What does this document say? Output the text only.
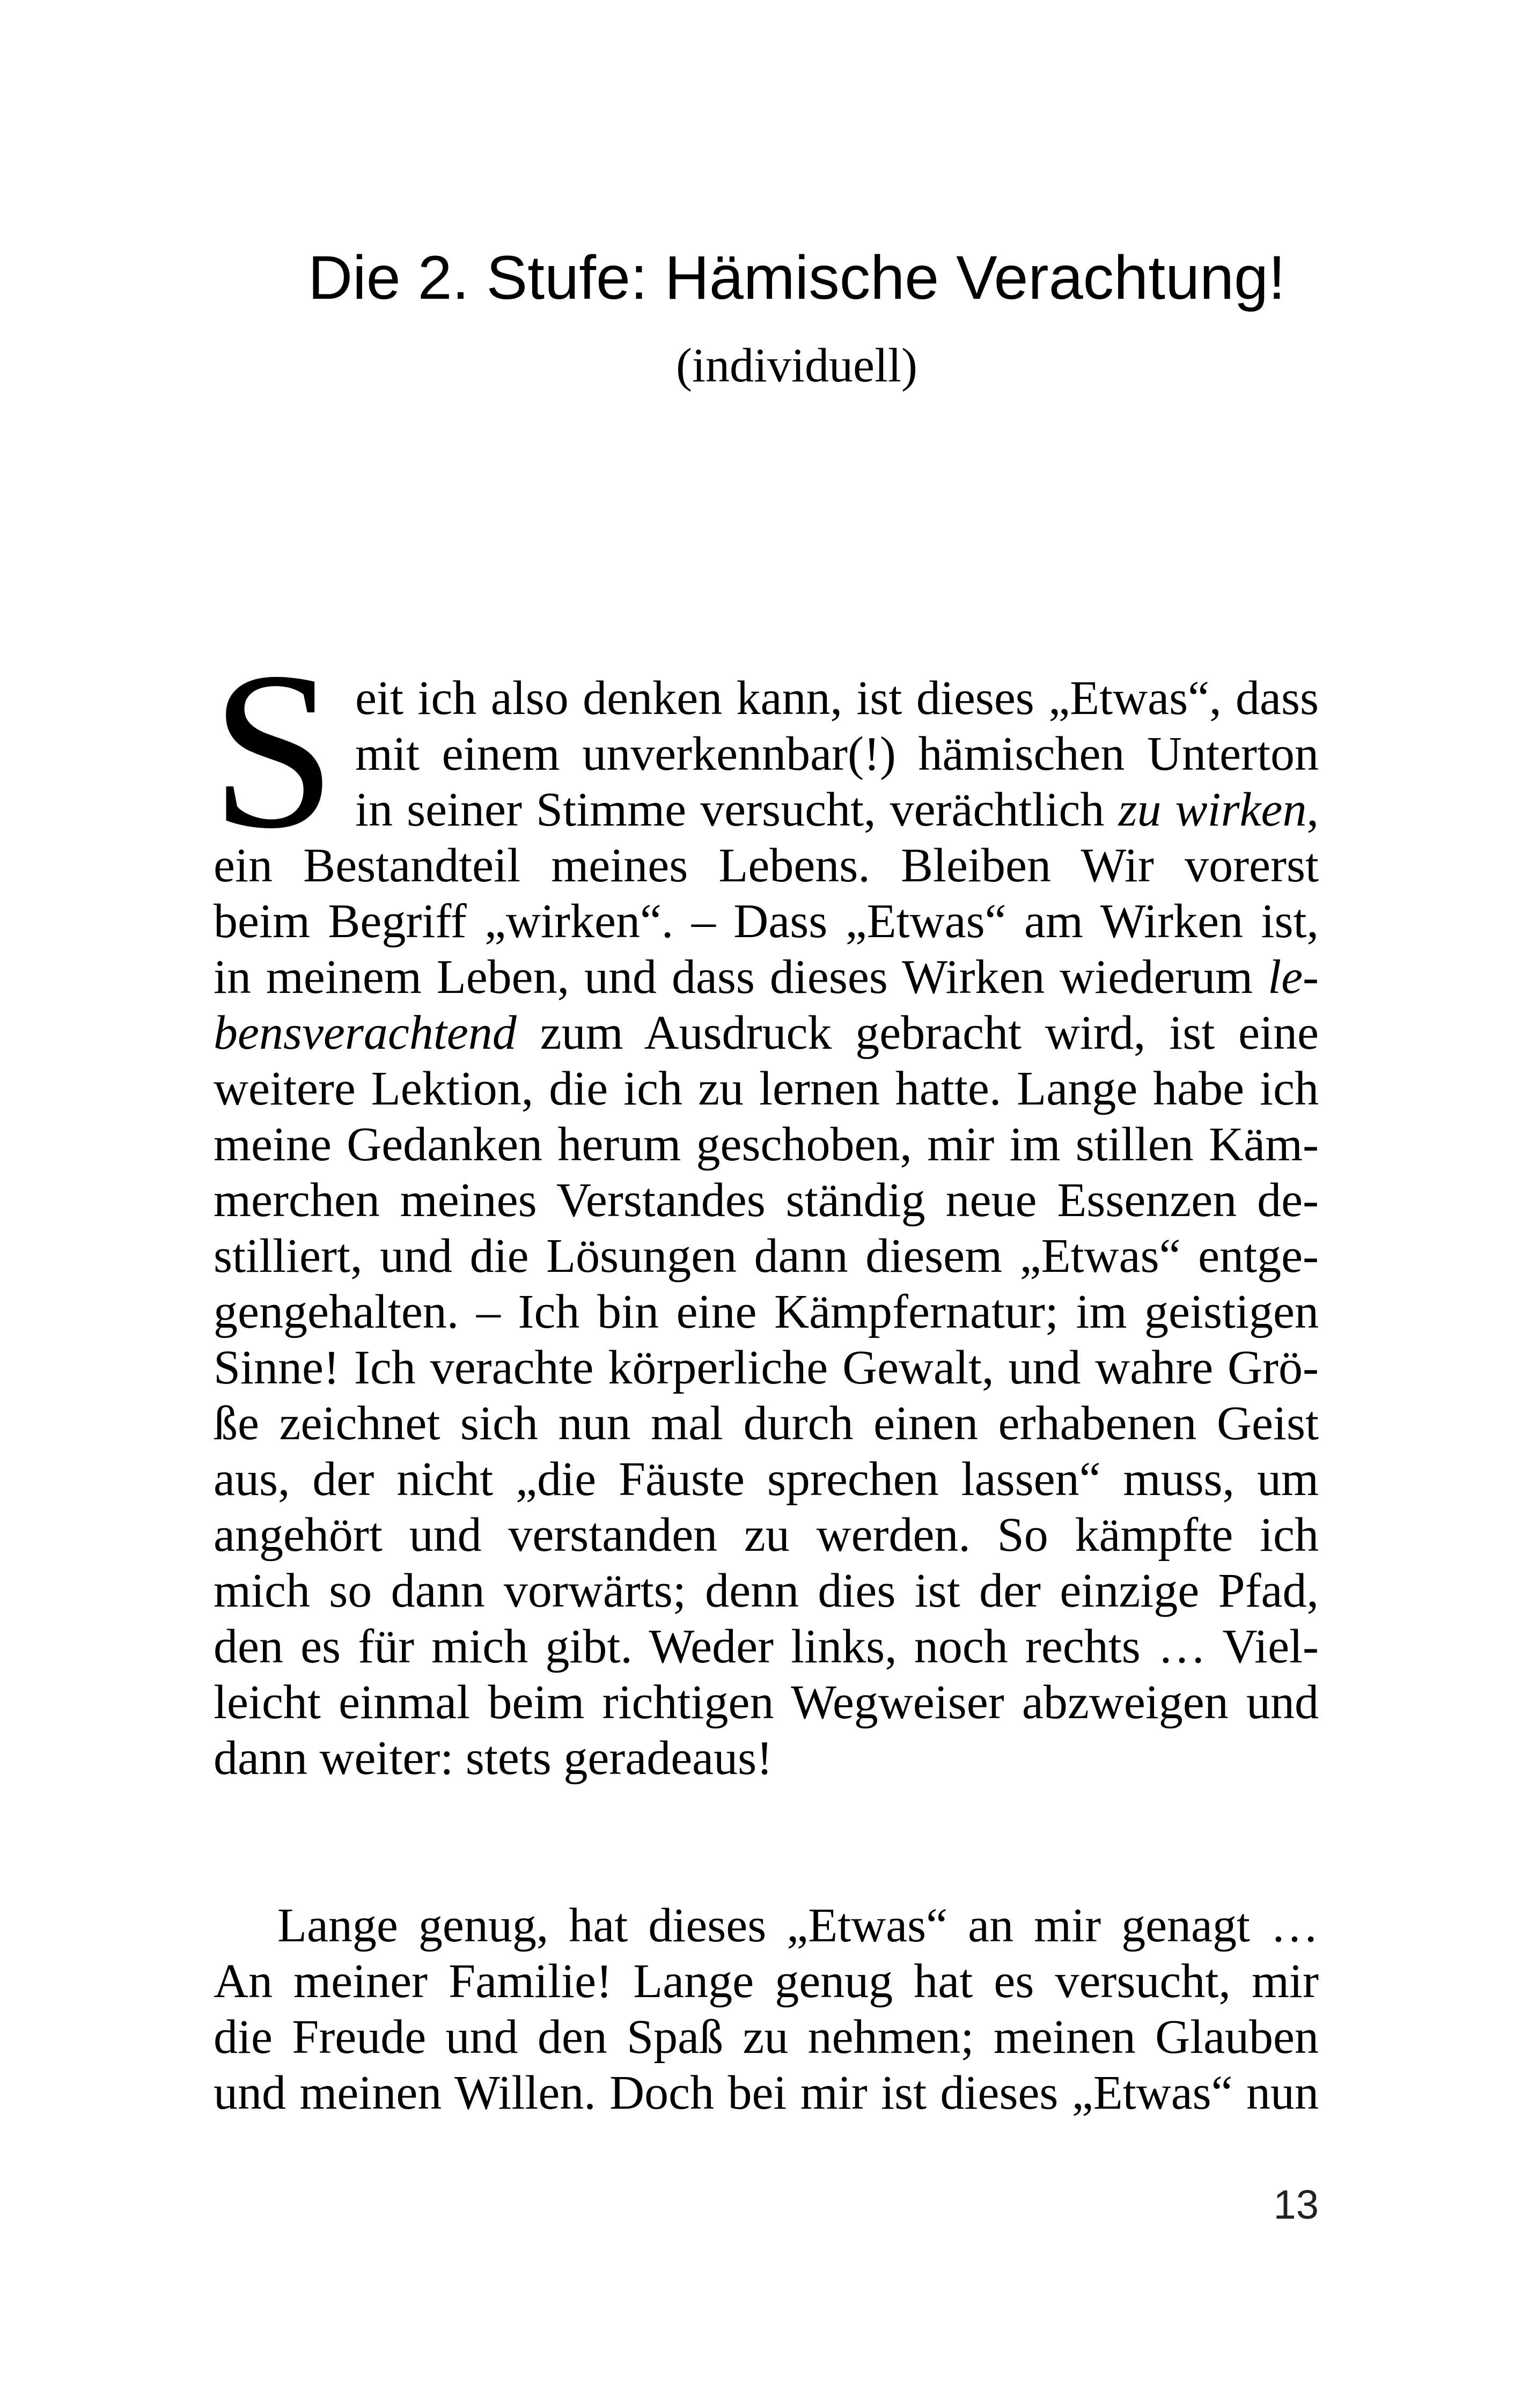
Die 2. Stufe: Hämische Verachtung!
(individuell)
S eit ich also denken kann, ist dieses „Etwas“, dass
mit einem unverkennbar(!) hämischen Unterton
in seiner Stimme versucht, verächtlich zu wirken,
ein Bestandteil meines Lebens. Bleiben Wir vorerst
beim Begriff „wirken“. – Dass „Etwas“ am Wirken ist,
in meinem Leben, und dass dieses Wirken wiederum le-
bensverachtend zum Ausdruck gebracht wird, ist eine
weitere Lektion, die ich zu lernen hatte. Lange habe ich
meine Gedanken herum geschoben, mir im stillen Käm-
merchen meines Verstandes ständig neue Essenzen de-
stilliert, und die Lösungen dann diesem „Etwas“ entge-
gengehalten. – Ich bin eine Kämpfernatur; im geistigen
Sinne! Ich verachte körperliche Gewalt, und wahre Grö-
ße zeichnet sich nun mal durch einen erhabenen Geist
aus, der nicht „die Fäuste sprechen lassen“ muss, um
angehört und verstanden zu werden. So kämpfte ich
mich so dann vorwärts; denn dies ist der einzige Pfad,
den es für mich gibt. Weder links, noch rechts … Viel-
leicht einmal beim richtigen Wegweiser abzweigen und
dann weiter: stets geradeaus!
Lange genug, hat dieses „Etwas“ an mir genagt …
An meiner Familie! Lange genug hat es versucht, mir
die Freude und den Spaß zu nehmen; meinen Glauben
und meinen Willen. Doch bei mir ist dieses „Etwas“ nun
13
